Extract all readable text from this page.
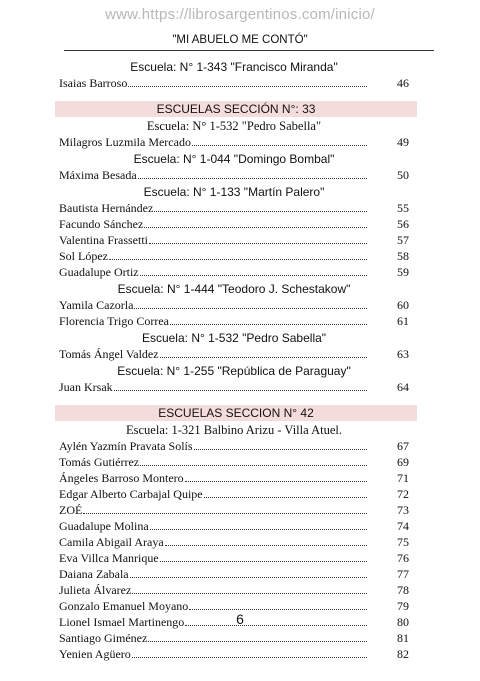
www.https://librosargentinos.com/inicio/
"MI ABUELO ME CONTÓ"
Escuela: N° 1-343 "Francisco Miranda"
Isaias Barroso	46
ESCUELAS SECCIÓN N°: 33
Escuela: N° 1-532 "Pedro Sabella"
Milagros Luzmila Mercado	49
Escuela: N° 1-044 "Domingo Bombal"
Máxima Besada	50
Escuela: N° 1-133 "Martín Palero"
Bautista Hernández	55
Facundo Sánchez	56
Valentina Frassetti	57
Sol López	58
Guadalupe Ortiz	59
Escuela: N° 1-444 "Teodoro J. Schestakow"
Yamila Cazorla	60
Florencia Trigo Correa	61
Escuela: N° 1-532 "Pedro Sabella"
Tomás Ángel Valdez	63
Escuela: N° 1-255 "República de Paraguay"
Juan Krsak	64
ESCUELAS SECCION N° 42
Escuela: 1-321 Balbino Arizu - Villa Atuel.
Aylén Yazmín Pravata Solís	67
Tomás Gutiérrez	69
Ángeles Barroso Montero	71
Edgar Alberto Carbajal Quipe	72
ZOÉ	73
Guadalupe Molina	74
Camila Abigail Araya	75
Eva Villca Manrique	76
Daiana Zabala	77
Julieta Álvarez	78
Gonzalo Emanuel Moyano	79
Lionel Ismael Martinengo	80
Santiago Giménez	81
Yenien Agüero	82
6
